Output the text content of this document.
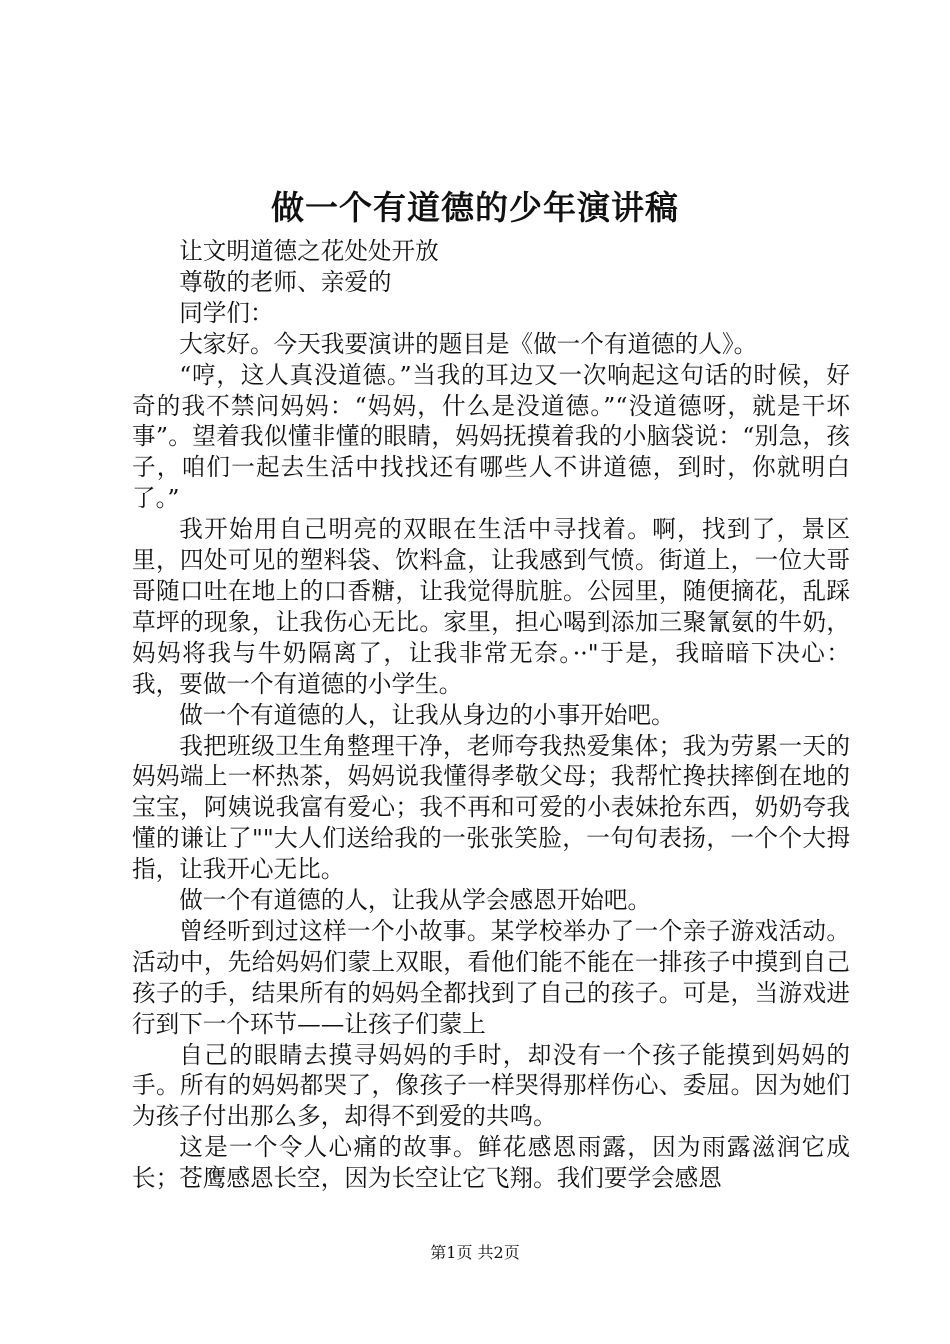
做一个有道德的少年演讲稿

让文明道德之花处处开放

尊敬的老师、亲爱的

同学们：

大家好。今天我要演讲的题目是《做一个有道德的人》。

“哼，这人真没道德。”当我的耳边又一次响起这句话的时候，好奇的我不禁问妈妈：“妈妈，什么是没道德。”“没道德呀，就是干坏事”。望着我似懂非懂的眼睛，妈妈抚摸着我的小脑袋说：“别急，孩子，咱们一起去生活中找找还有哪些人不讲道德，到时，你就明白了。”

我开始用自己明亮的双眼在生活中寻找着。啊，找到了，景区里，四处可见的塑料袋、饮料盒，让我感到气愤。街道上，一位大哥哥随口吐在地上的口香糖，让我觉得肮脏。公园里，随便摘花，乱踩草坪的现象，让我伤心无比。家里，担心喝到添加三聚氰氨的牛奶，妈妈将我与牛奶隔离了，让我非常无奈。··"于是，我暗暗下决心：我，要做一个有道德的小学生。

做一个有道德的人，让我从身边的小事开始吧。

我把班级卫生角整理干净，老师夸我热爱集体；我为劳累一天的妈妈端上一杯热茶，妈妈说我懂得孝敬父母；我帮忙搀扶摔倒在地的宝宝，阿姨说我富有爱心；我不再和可爱的小表妹抢东西，奶奶夸我懂的谦让了""大人们送给我的一张张笑脸，一句句表扬，一个个大拇指，让我开心无比。

做一个有道德的人，让我从学会感恩开始吧。

曾经听到过这样一个小故事。某学校举办了一个亲子游戏活动。活动中，先给妈妈们蒙上双眼，看他们能不能在一排孩子中摸到自己孩子的手，结果所有的妈妈全都找到了自己的孩子。可是，当游戏进行到下一个环节——让孩子们蒙上

自己的眼睛去摸寻妈妈的手时，却没有一个孩子能摸到妈妈的手。所有的妈妈都哭了，像孩子一样哭得那样伤心、委屈。因为她们为孩子付出那么多，却得不到爱的共鸣。

这是一个令人心痛的故事。鲜花感恩雨露，因为雨露滋润它成长；苍鹰感恩长空，因为长空让它飞翔。我们要学会感恩

第1页 共2页
